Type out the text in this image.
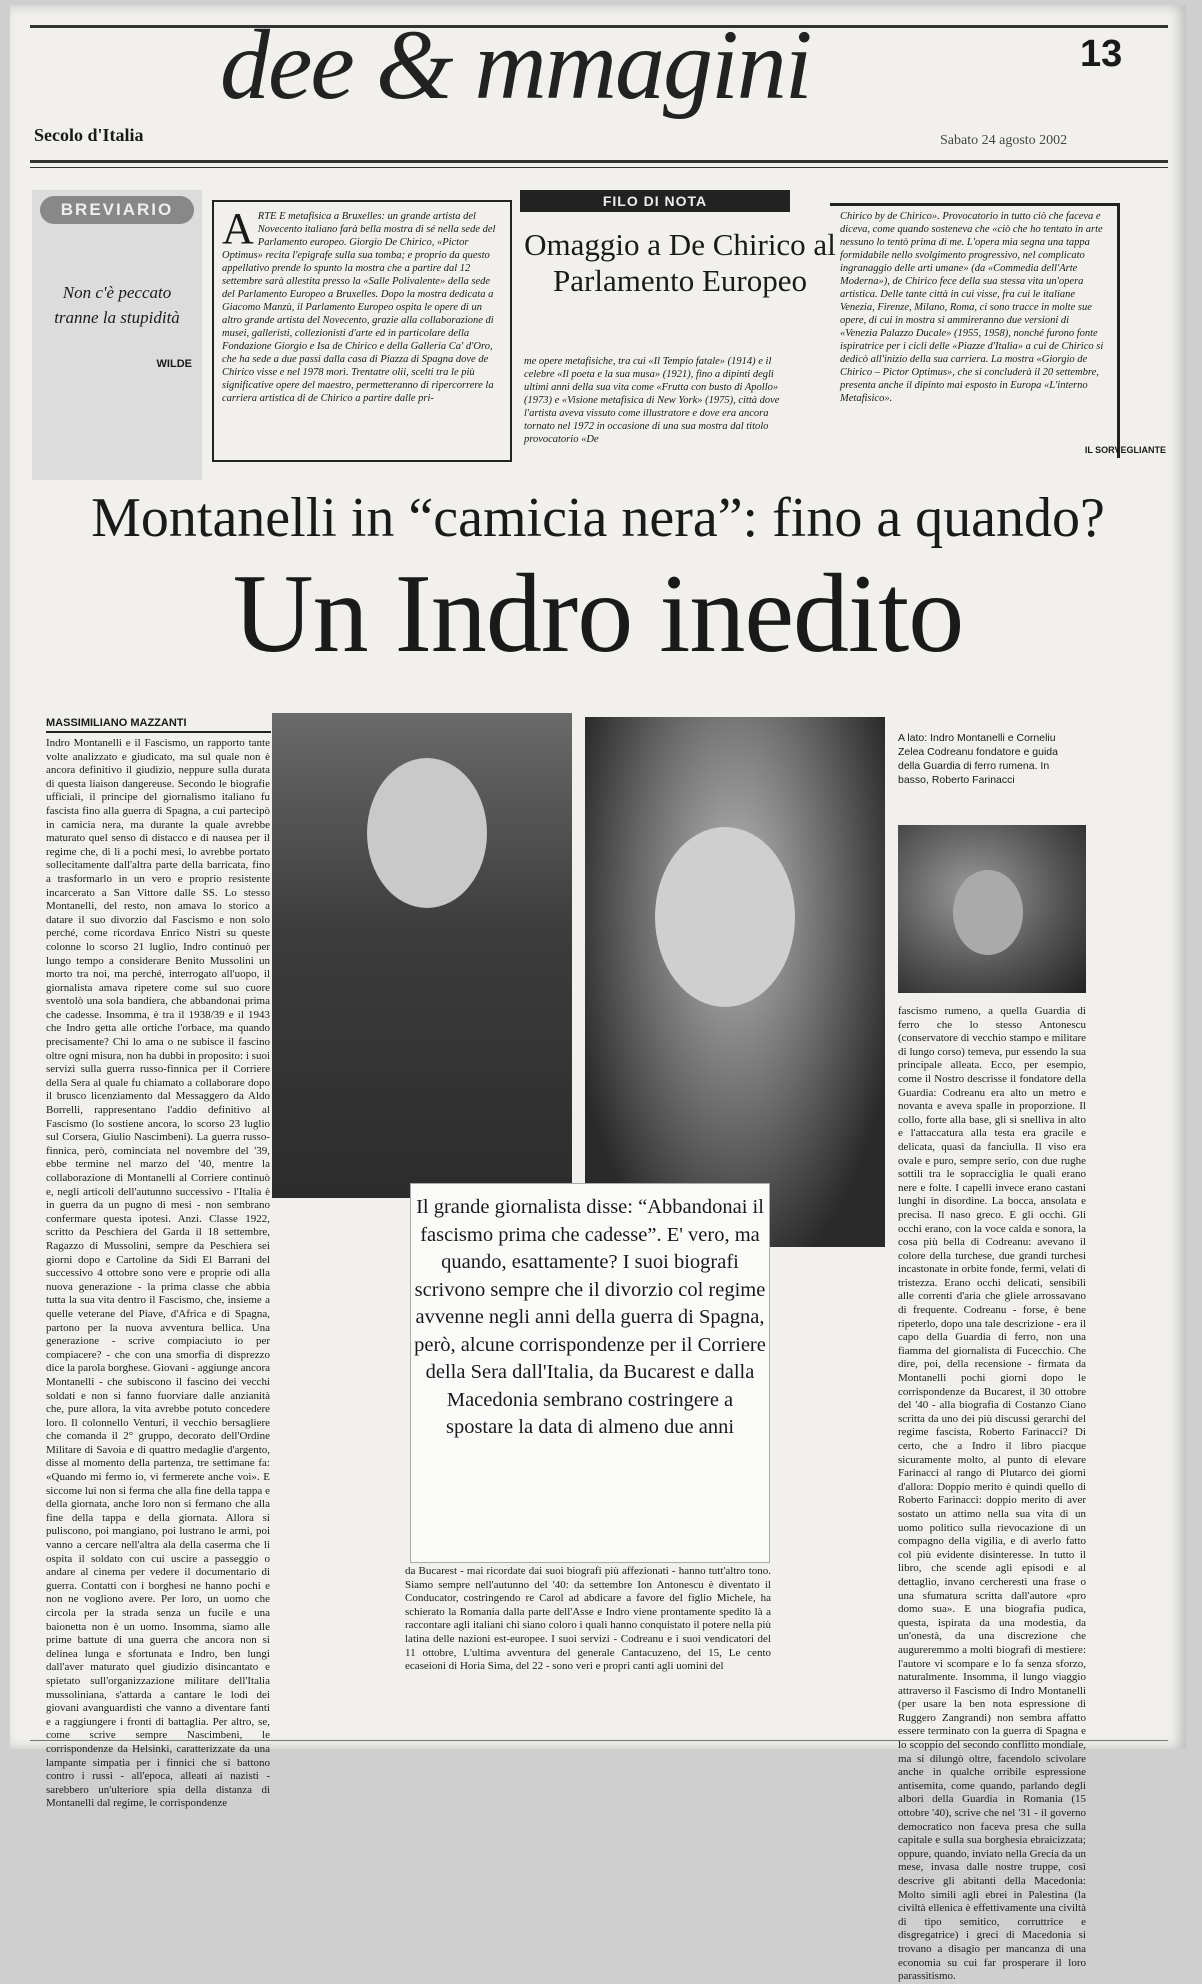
dee & mmagini
Secolo d'Italia	Sabato 24 agosto 2002
13
BREVIARIO
Non c'è peccato tranne la stupidità
WILDE
A RTE E metafisica a Bruxelles: un grande artista del Novecento italiano farà bella mostra di sé nella sede del Parlamento europeo. Giorgio De Chirico, «Pictor Optimus» recita l'epigrafe sulla sua tomba; e proprio da questo appellativo prende lo spunto la mostra che a partire dal 12 settembre sarà allestita presso la «Salle Polivalente» della sede del Parlamento Europeo a Bruxelles. Dopo la mostra dedicata a Giacomo Manzù, il Parlamento Europeo ospita le opere di un altro grande artista del Novecento, grazie alla collaborazione di musei, galleristi, collezionisti d'arte ed in particolare della Fondazione Giorgio e Isa de Chirico e della Galleria Ca' d'Oro, che ha sede a due passi dalla casa di Piazza di Spagna dove de Chirico visse e nel 1978 morì. Trentatre olii, scelti tra le più significative opere del maestro, permetteranno di ripercorrere la carriera artistica di de Chirico a partire dalle pri-
FILO DI NOTA
Omaggio a De Chirico al Parlamento Europeo
me opere metafisiche, tra cui «Il Tempio fatale» (1914) e il celebre «Il poeta e la sua musa» (1921), fino a dipinti degli ultimi anni della sua vita come «Frutta con busto di Apollo» (1973) e «Visione metafisica di New York» (1975), città dove l'artista aveva vissuto come illustratore e dove era ancora tornato nel 1972 in occasione di una sua mostra dal titolo provocatorio «De
Chirico by de Chirico». Provocatorio in tutto ciò che faceva e diceva, come quando sosteneva che «ciò che ho tentato in arte nessuno lo tentò prima di me. L'opera mia segna una tappa formidabile nello svolgimento progressivo, nel complicato ingranaggio delle arti umane» (da «Commedia dell'Arte Moderna»), de Chirico fece della sua stessa vita un'opera artistica. Delle tante città in cui visse, fra cui le italiane Venezia, Firenze, Milano, Roma, ci sono tracce in molte sue opere, di cui in mostra si ammireranno due versioni di «Venezia Palazzo Ducale» (1955, 1958), nonché furono fonte ispiratrice per i cicli delle «Piazze d'Italia» a cui de Chirico si dedicò all'inizio della sua carriera. La mostra «Giorgio de Chirico – Pictor Optimus», che si concluderà il 20 settembre, presenta anche il dipinto mai esposto in Europa «L'interno Metafisico».
IL SORVEGLIANTE
Montanelli in “camicia nera”: fino a quando?
Un Indro inedito
MASSIMILIANO MAZZANTI
Indro Montanelli e il Fascismo, un rapporto tante volte analizzato e giudicato, ma sul quale non è ancora definitivo il giudizio, neppure sulla durata di questa liaison dangereuse. Secondo le biografie ufficiali, il principe del giornalismo italiano fu fascista fino alla guerra di Spagna, a cui partecipò in camicia nera, ma durante la quale avrebbe maturato quel senso di distacco e di nausea per il regime che, di lì a pochi mesi, lo avrebbe portato sollecitamente dall'altra parte della barricata, fino a trasformarlo in un vero e proprio resistente incarcerato a San Vittore dalle SS. Lo stesso Montanelli, del resto, non amava lo storico a datare il suo divorzio dal Fascismo e non solo perché, come ricordava Enrico Nistri su queste colonne lo scorso 21 luglio, Indro continuò per lungo tempo a considerare Benito Mussolini un morto tra noi, ma perché, interrogato all'uopo, il giornalista amava ripetere come sul suo cuore sventolò una sola bandiera, che abbandonai prima che cadesse. Insomma, è tra il 1938/39 e il 1943 che Indro getta alle ortiche l'orbace, ma quando precisamente? Chi lo ama o ne subisce il fascino oltre ogni misura, non ha dubbi in proposito: i suoi servizi sulla guerra russo-finnica per il Corriere della Sera al quale fu chiamato a collaborare dopo il brusco licenziamento dal Messaggero da Aldo Borrelli, rappresentano l'addio definitivo al Fascismo (lo sostiene ancora, lo scorso 23 luglio sul Corsera, Giulio Nascimbeni). La guerra russo-finnica, però, cominciata nel novembre del '39, ebbe termine nel marzo del '40, mentre la collaborazione di Montanelli al Corriere continuò e, negli articoli dell'autunno successivo - l'Italia è in guerra da un pugno di mesi - non sembrano confermare questa ipotesi. Anzi. Classe 1922, scritto da Peschiera del Garda il 18 settembre, Ragazzo di Mussolini, sempre da Peschiera sei giorni dopo e Cartoline da Sidi El Barrani del successivo 4 ottobre sono vere e proprie odi alla nuova generazione - la prima classe che abbia tutta la sua vita dentro il Fascismo, che, insieme a quelle veterane del Piave, d'Africa e di Spagna, partono per la nuova avventura bellica. Una generazione - scrive compiaciuto io per compiacere? - che con una smorfia di disprezzo dice la parola borghese. Giovani - aggiunge ancora Montanelli - che subiscono il fascino dei vecchi soldati e non si fanno fuorviare dalle anzianità che, pure allora, la vita avrebbe potuto concedere loro. Il colonnello Venturi, il vecchio bersagliere che comanda il 2° gruppo, decorato dell'Ordine Militare di Savoia e di quattro medaglie d'argento, disse al momento della partenza, tre settimane fa: «Quando mi fermo io, vi fermerete anche voi». E siccome lui non si ferma che alla fine della tappa e della giornata, anche loro non si fermano che alla fine della tappa e della giornata. Allora si puliscono, poi mangiano, poi lustrano le armi, poi vanno a cercare nell'altra ala della caserma che li ospita il soldato con cui uscire a passeggio o andare al cinema per vedere il documentario di guerra. Contatti con i borghesi ne hanno pochi e non ne vogliono avere. Per loro, un uomo che circola per la strada senza un fucile e una baionetta non è un uomo. Insomma, siamo alle prime battute di una guerra che ancora non si delinea lunga e sfortunata e Indro, ben lungi dall'aver maturato quel giudizio disincantato e spietato sull'organizzazione militare dell'Italia mussoliniana, s'attarda a cantare le lodi dei giovani avanguardisti che vanno a diventare fanti e a raggiungere i fronti di battaglia. Per altro, se, come scrive sempre Nascimbeni, le corrispondenze da Helsinki, caratterizzate da una lampante simpatia per i finnici che si battono contro i russi - all'epoca, alleati ai nazisti - sarebbero un'ulteriore spia della distanza di Montanelli dal regime, le corrispondenze
A lato: Indro Montanelli e Corneliu Zelea Codreanu fondatore e guida della Guardia di ferro rumena. In basso, Roberto Farinacci
fascismo rumeno, a quella Guardia di ferro che lo stesso Antonescu (conservatore di vecchio stampo e militare di lungo corso) temeva, pur essendo la sua principale alleata. Ecco, per esempio, come il Nostro descrisse il fondatore della Guardia: Codreanu era alto un metro e novanta e aveva spalle in proporzione. Il collo, forte alla base, gli si snelliva in alto e l'attaccatura alla testa era gracile e delicata, quasi da fanciulla. Il viso era ovale e puro, sempre serio, con due rughe sottili tra le sopracciglia le quali erano nere e folte. I capelli invece erano castani lunghi in disordine. La bocca, ansolata e precisa. Il naso greco. E gli occhi. Gli occhi erano, con la voce calda e sonora, la cosa più bella di Codreanu: avevano il colore della turchese, due grandi turchesi incastonate in orbite fonde, fermi, velati di tristezza. Erano occhi delicati, sensibili alle correnti d'aria che gliele arrossavano di frequente. Codreanu - forse, è bene ripeterlo, dopo una tale descrizione - era il capo della Guardia di ferro, non una fiamma del giornalista di Fucecchio. Che dire, poi, della recensione - firmata da Montanelli pochi giorni dopo le corrispondenze da Bucarest, il 30 ottobre del '40 - alla biografia di Costanzo Ciano scritta da uno dei più discussi gerarchi del regime fascista, Roberto Farinacci? Di certo, che a Indro il libro piacque sicuramente molto, al punto di elevare Farinacci al rango di Plutarco dei giorni d'allora: Doppio merito è quindi quello di Roberto Farinacci: doppio merito di aver sostato un attimo nella sua vita di un uomo politico sulla rievocazione di un compagno della vigilia, e di averlo fatto col più evidente disinteresse. In tutto il libro, che scende agli episodi e al dettaglio, invano cercheresti una frase o una sfumatura scritta dall'autore «pro domo sua». E una biografia pudica, questa, ispirata da una modestia, da un'onestà, da una discrezione che augureremmo a molti biografi di mestiere: l'autore vi scompare e lo fa senza sforzo, naturalmente. Insomma, il lungo viaggio attraverso il Fascismo di Indro Montanelli (per usare la ben nota espressione di Ruggero Zangrandi) non sembra affatto essere terminato con la guerra di Spagna e lo scoppio del secondo conflitto mondiale, ma si dilungò oltre, facendolo scivolare anche in qualche orribile espressione antisemita, come quando, parlando degli albori della Guardia in Romania (15 ottobre '40), scrive che nel '31 - il governo democratico non faceva presa che sulla capitale e sulla sua borghesia ebraicizzata; oppure, quando, inviato nella Grecia da un mese, invasa dalle nostre truppe, così descrive gli abitanti della Macedonia: Molto simili agli ebrei in Palestina (la civiltà ellenica è effettivamente una civiltà di tipo semitico, corruttrice e disgregatrice) i greci di Macedonia si trovano a disagio per mancanza di una economia su cui far prosperare il loro parassitismo.
da Bucarest - mai ricordate dai suoi biografi più affezionati - hanno tutt'altro tono. Siamo sempre nell'autunno del '40: da settembre Ion Antonescu è diventato il Conducator, costringendo re Carol ad abdicare a favore del figlio Michele, ha schierato la Romania dalla parte dell'Asse e Indro viene prontamente spedito là a raccontare agli italiani chi siano coloro i quali hanno conquistato il potere nella più latina delle nazioni est-europee. I suoi servizi - Codreanu e i suoi vendicatori del 11 ottobre, L'ultima avventura del generale Cantacuzeno, del 15, Le cento ecaseioni di Horia Sima, del 22 - sono veri e propri canti agli uomini del
Il grande giornalista disse: “Abbandonai il fascismo prima che cadesse”. E' vero, ma quando, esattamente? I suoi biografi scrivono sempre che il divorzio col regime avvenne negli anni della guerra di Spagna, però, alcune corrispondenze per il Corriere della Sera dall'Italia, da Bucarest e dalla Macedonia sembrano costringere a spostare la data di almeno due anni
